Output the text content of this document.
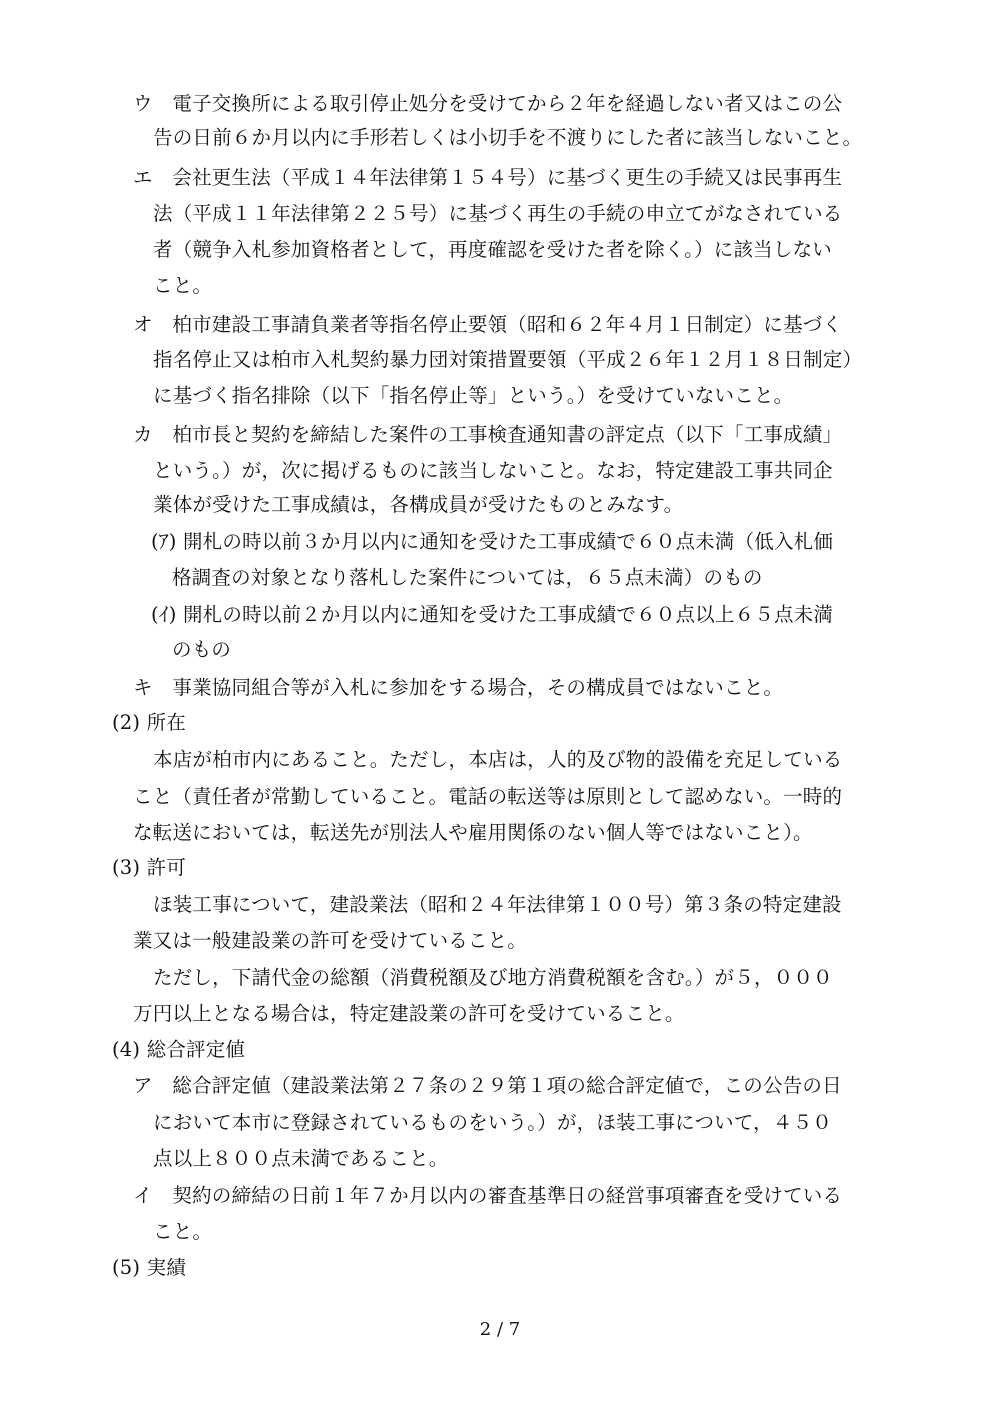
ウ　電子交換所による取引停止処分を受けてから２年を経過しない者又はこの公
告の日前６か月以内に手形若しくは小切手を不渡りにした者に該当しないこと。
エ　会社更生法（平成１４年法律第１５４号）に基づく更生の手続又は民事再生
法（平成１１年法律第２２５号）に基づく再生の手続の申立てがなされている
者（競争入札参加資格者として，再度確認を受けた者を除く。）に該当しない
こと。
オ　柏市建設工事請負業者等指名停止要領（昭和６２年４月１日制定）に基づく
指名停止又は柏市入札契約暴力団対策措置要領（平成２６年１２月１８日制定）
に基づく指名排除（以下「指名停止等」という。）を受けていないこと。
カ　柏市長と契約を締結した案件の工事検査通知書の評定点（以下「工事成績」
という。）が，次に掲げるものに該当しないこと。なお，特定建設工事共同企
業体が受けた工事成績は，各構成員が受けたものとみなす。
(ｱ) 開札の時以前３か月以内に通知を受けた工事成績で６０点未満（低入札価
格調査の対象となり落札した案件については，６５点未満）のもの
(ｲ) 開札の時以前２か月以内に通知を受けた工事成績で６０点以上６５点未満
のもの
キ　事業協同組合等が入札に参加をする場合，その構成員ではないこと。
(2) 所在
本店が柏市内にあること。ただし，本店は，人的及び物的設備を充足している
こと（責任者が常勤していること。電話の転送等は原則として認めない。一時的
な転送においては，転送先が別法人や雇用関係のない個人等ではないこと）。
(3) 許可
ほ装工事について，建設業法（昭和２４年法律第１００号）第３条の特定建設
業又は一般建設業の許可を受けていること。
ただし，下請代金の総額（消費税額及び地方消費税額を含む。）が５，０００
万円以上となる場合は，特定建設業の許可を受けていること。
(4) 総合評定値
ア　総合評定値（建設業法第２７条の２９第１項の総合評定値で，この公告の日
において本市に登録されているものをいう。）が，ほ装工事について，４５０
点以上８００点未満であること。
イ　契約の締結の日前１年７か月以内の審査基準日の経営事項審査を受けている
こと。
(5) 実績
2 / 7
